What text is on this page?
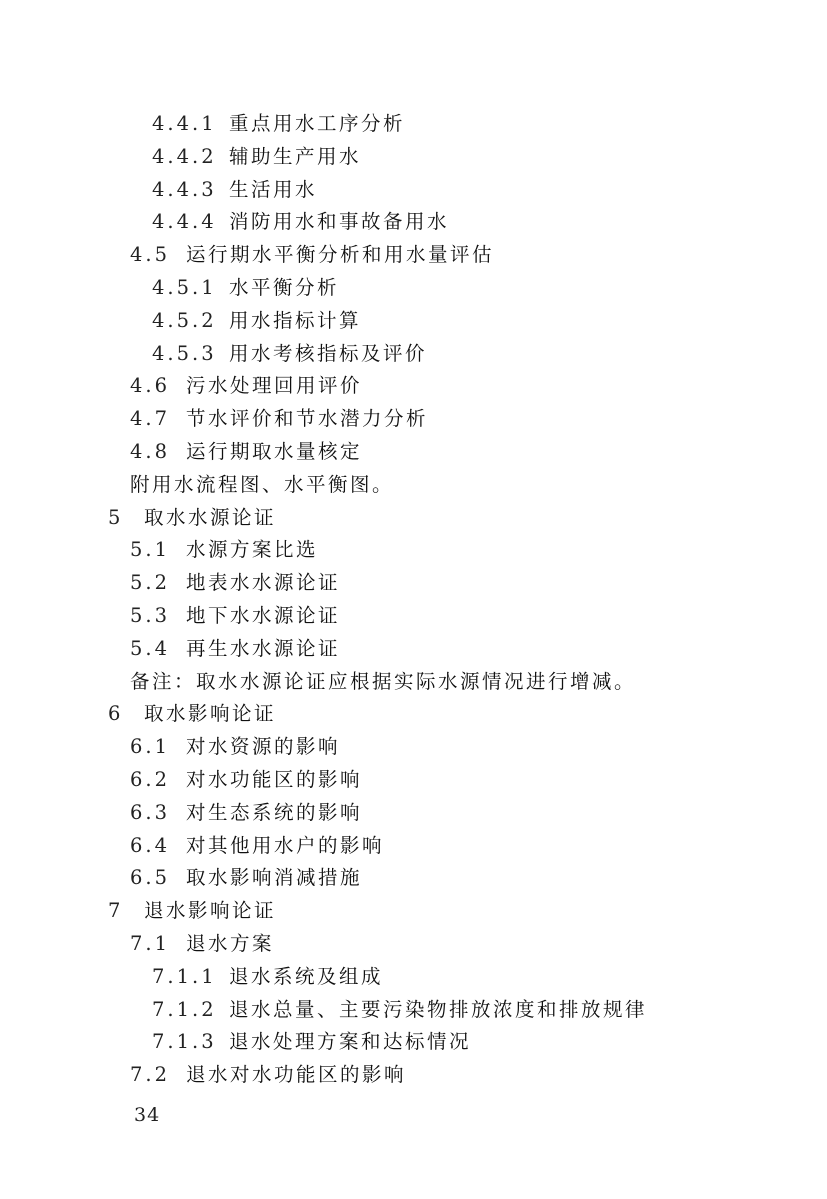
4.4.1 重点用水工序分析
4.4.2 辅助生产用水
4.4.3 生活用水
4.4.4 消防用水和事故备用水
4.5 运行期水平衡分析和用水量评估
4.5.1 水平衡分析
4.5.2 用水指标计算
4.5.3 用水考核指标及评价
4.6 污水处理回用评价
4.7 节水评价和节水潜力分析
4.8 运行期取水量核定
附用水流程图、水平衡图。
5	取水水源论证
5.1 水源方案比选
5.2 地表水水源论证
5.3 地下水水源论证
5.4 再生水水源论证
备注：取水水源论证应根据实际水源情况进行增减。
6	取水影响论证
6.1 对水资源的影响
6.2 对水功能区的影响
6.3 对生态系统的影响
6.4 对其他用水户的影响
6.5 取水影响消减措施
7	退水影响论证
7.1 退水方案
7.1.1 退水系统及组成
7.1.2 退水总量、主要污染物排放浓度和排放规律
7.1.3 退水处理方案和达标情况
7.2 退水对水功能区的影响
34
